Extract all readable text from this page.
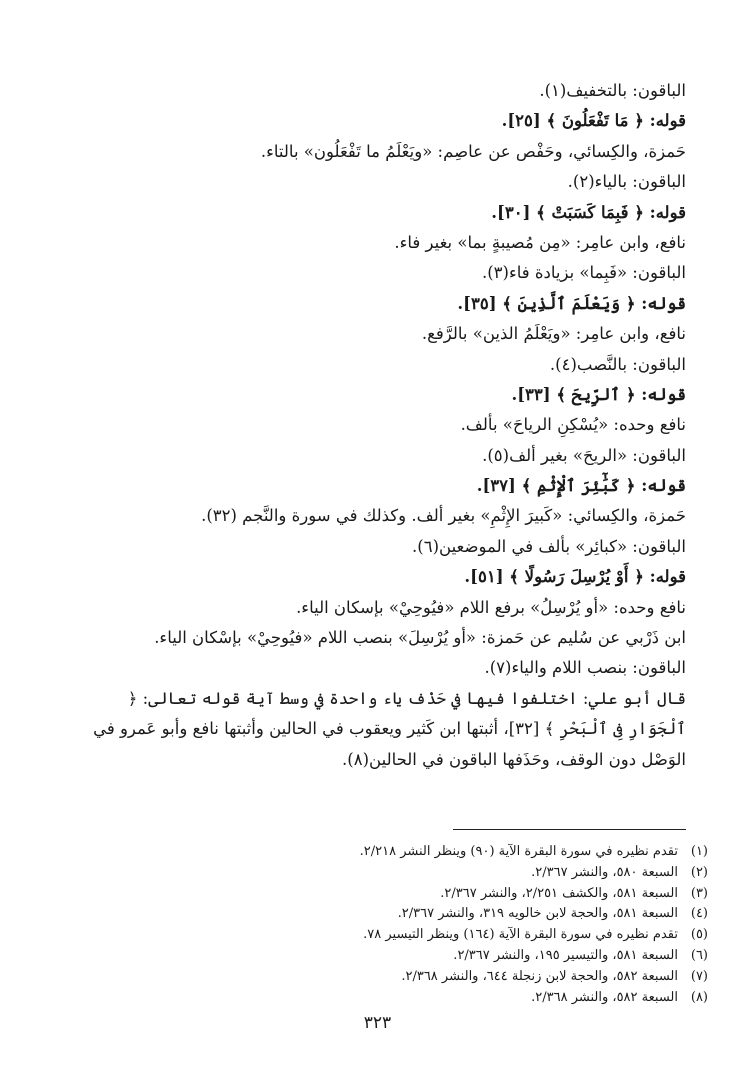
الباقون: بالتخفيف(١).
قوله: ﴿ مَا تَفْعَلُونَ ﴾ [٢٥].
حَمزة، والكِسائي، وحَفْص عن عاصِم: «ويَعْلَمُ ما تَفْعَلُون» بالتاء.
الباقون: بالياء(٢).
قوله: ﴿ فَبِمَا كَسَبَتْ ﴾ [٣٠].
نافع، وابن عامِر: «مِن مُصيبةٍ بما» بغير فاء.
الباقون: «فَبِما» بزيادة فاء(٣).
قوله: ﴿ وَيَعْلَمَ ٱلَّذِينَ ﴾ [٣٥].
نافع، وابن عامِر: «ويَعْلَمُ الذين» بالرَّفع.
الباقون: بالنَّصب(٤).
قوله: ﴿ ٱلرِّيحَ ﴾ [٣٣].
نافع وحده: «يُسْكِنِ الرياحَ» بألف.
الباقون: «الريحَ» بغير ألف(٥).
قوله: ﴿ كَبَٰٓئِرَ ٱلْإِثْمِ ﴾ [٣٧].
حَمزة، والكِسائي: «كَبيرَ الإِثْمِ» بغير ألف. وكذلك في سورة والنَّجم (٣٢).
الباقون: «كبائِر» بألف في الموضعين(٦).
قوله: ﴿ أَوْ يُرْسِلَ رَسُولًا ﴾ [٥١].
نافع وحده: «أو يُرْسِلُ» برفع اللام «فيُوحِيْ» بإسكان الياء.
ابن ذَرْبي عن سُليم عن حَمزة: «أو يُرْسِلَ» بنصب اللام «فيُوحِيْ» بإسْكان الياء.
الباقون: بنصب اللام والياء(٧).
قال أبو علي: اختلفوا فيها في حَذْف ياء واحدة في وسط آية قوله تعالى: ﴿ ٱلْجَوَارِ فِى ٱلْبَحْرِ ﴾ [٣٢]، أثبتها ابن كَثير ويعقوب في الحالين وأثبتها نافع وأبو عَمرو في الوَصْل دون الوقف، وحَذَفها الباقون في الحالين(٨).
(١)تقدم نظيره في سورة البقرة الآية (٩٠) وينظر النشر ٢/٢١٨.
(٢)السبعة ٥٨٠، والنشر ٢/٣٦٧.
(٣)السبعة ٥٨١، والكشف ٢/٢٥١، والنشر ٢/٣٦٧.
(٤)السبعة ٥٨١، والحجة لابن خالويه ٣١٩، والنشر ٢/٣٦٧.
(٥)تقدم نظيره في سورة البقرة الآية (١٦٤) وينظر التيسير ٧٨.
(٦)السبعة ٥٨١، والتيسير ١٩٥، والنشر ٢/٣٦٧.
(٧)السبعة ٥٨٢، والحجة لابن زنجلة ٦٤٤، والنشر ٢/٣٦٨.
(٨)السبعة ٥٨٢، والنشر ٢/٣٦٨.
٣٢٣
